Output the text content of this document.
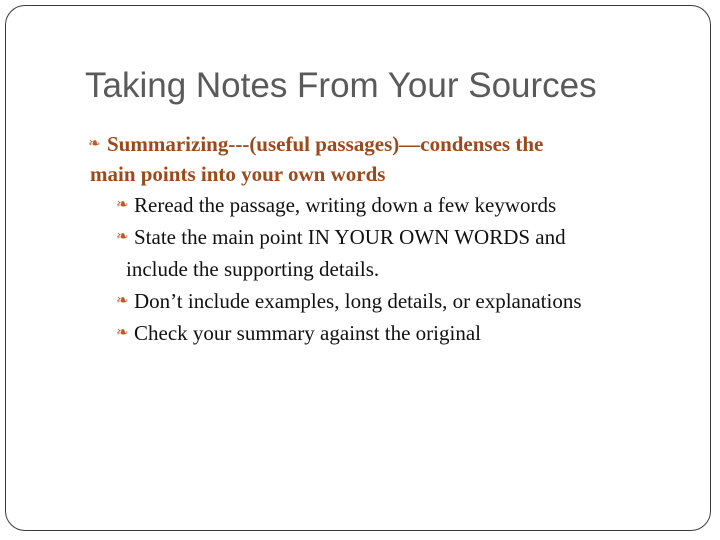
Taking Notes From Your Sources

❧ Summarizing---(useful passages)—condenses the
main points into your own words

❧ Reread the passage, writing down a few keywords

❧ State the main point IN YOUR OWN WORDS and
include the supporting details.

❧ Don’t include examples, long details, or explanations

❧ Check your summary against the original
